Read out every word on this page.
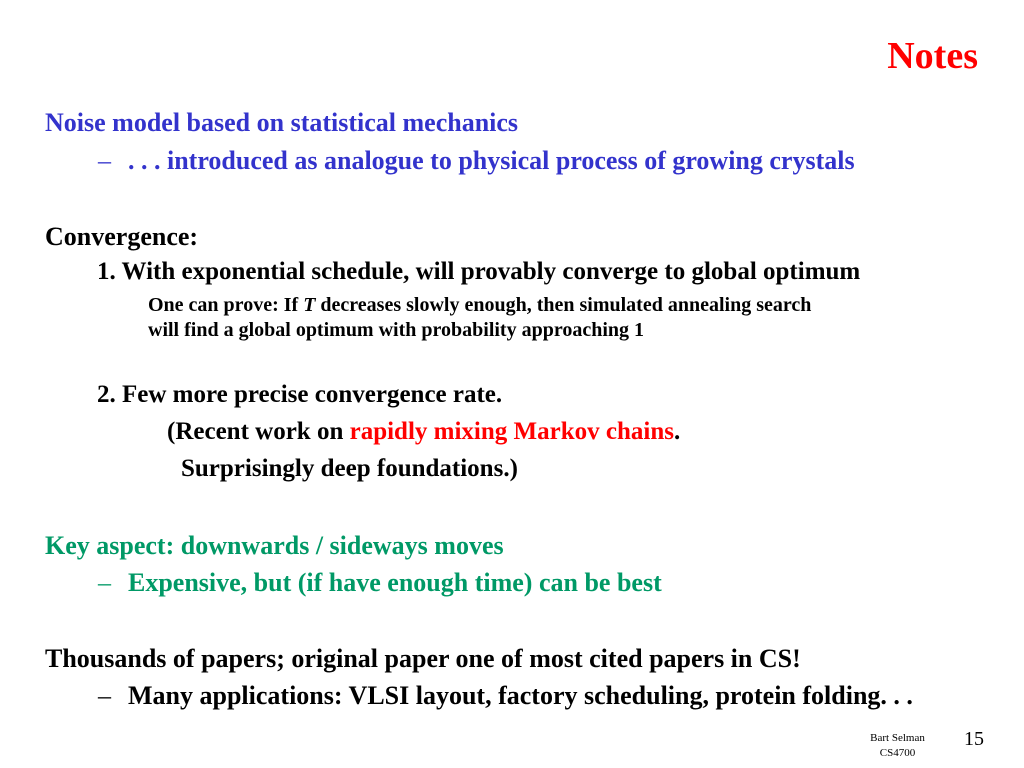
Notes
Noise model based on statistical mechanics
– . . . introduced as analogue to physical process of growing crystals
Convergence:
1. With exponential schedule, will provably converge to global optimum
One can prove: If T decreases slowly enough, then simulated annealing search
will find a global optimum with probability approaching 1
2. Few more precise convergence rate.
(Recent work on rapidly mixing Markov chains.
Surprisingly deep foundations.)
Key aspect: downwards / sideways moves
– Expensive, but (if have enough time) can be best
Thousands of papers; original paper one of most cited papers in CS!
– Many applications: VLSI layout, factory scheduling, protein folding. . .
Bart Selman
CS4700
15
